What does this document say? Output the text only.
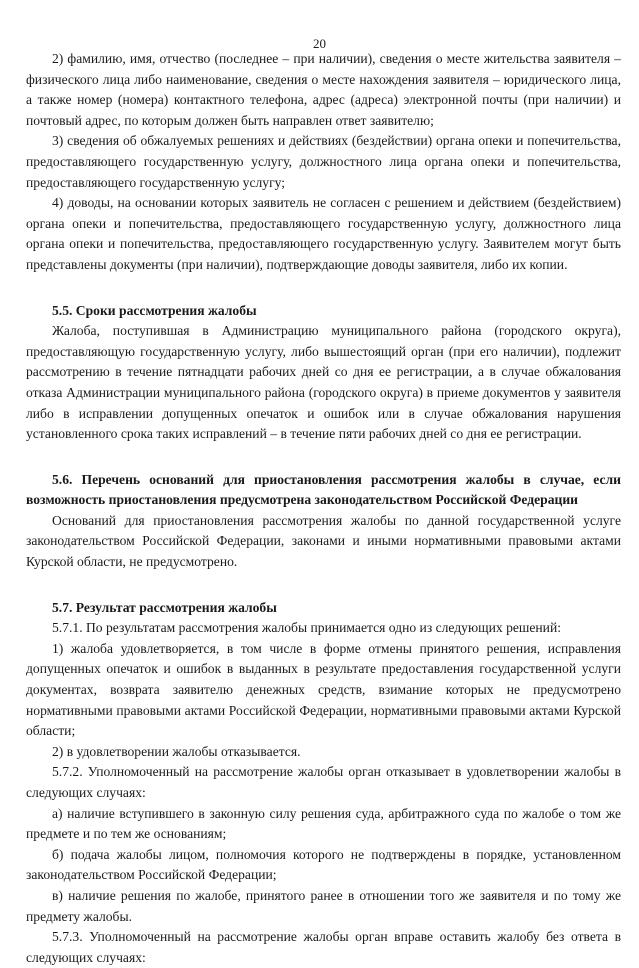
20

2) фамилию, имя, отчество (последнее – при наличии), сведения о месте жительства заявителя – физического лица либо наименование, сведения о месте нахождения заявителя – юридического лица, а также номер (номера) контактного телефона, адрес (адреса) электронной почты (при наличии) и почтовый адрес, по которым должен быть направлен ответ заявителю;

3) сведения об обжалуемых решениях и действиях (бездействии) органа опеки и попечительства, предоставляющего государственную услугу, должностного лица органа опеки и попечительства, предоставляющего государственную услугу;

4) доводы, на основании которых заявитель не согласен с решением и действием (бездействием) органа опеки и попечительства, предоставляющего государственную услугу, должностного лица органа опеки и попечительства, предоставляющего государственную услугу. Заявителем могут быть представлены документы (при наличии), подтверждающие доводы заявителя, либо их копии.

5.5. Сроки рассмотрения жалобы

Жалоба, поступившая в Администрацию муниципального района (городского округа), предоставляющую государственную услугу, либо вышестоящий орган (при его наличии), подлежит рассмотрению в течение пятнадцати рабочих дней со дня ее регистрации, а в случае обжалования отказа Администрации муниципального района (городского округа) в приеме документов у заявителя либо в исправлении допущенных опечаток и ошибок или в случае обжалования нарушения установленного срока таких исправлений – в течение пяти рабочих дней со дня ее регистрации.

5.6. Перечень оснований для приостановления рассмотрения жалобы в случае, если возможность приостановления предусмотрена законодательством Российской Федерации

Оснований для приостановления рассмотрения жалобы по данной государственной услуге законодательством Российской Федерации, законами и иными нормативными правовыми актами Курской области, не предусмотрено.

5.7. Результат рассмотрения жалобы

5.7.1. По результатам рассмотрения жалобы принимается одно из следующих решений:

1) жалоба удовлетворяется, в том числе в форме отмены принятого решения, исправления допущенных опечаток и ошибок в выданных в результате предоставления государственной услуги документах, возврата заявителю денежных средств, взимание которых не предусмотрено нормативными правовыми актами Российской Федерации, нормативными правовыми актами Курской области;

2) в удовлетворении жалобы отказывается.

5.7.2. Уполномоченный на рассмотрение жалобы орган отказывает в удовлетворении жалобы в следующих случаях:

а) наличие вступившего в законную силу решения суда, арбитражного суда по жалобе о том же предмете и по тем же основаниям;

б) подача жалобы лицом, полномочия которого не подтверждены в порядке, установленном законодательством Российской Федерации;

в) наличие решения по жалобе, принятого ранее в отношении того же заявителя и по тому же предмету жалобы.

5.7.3. Уполномоченный на рассмотрение жалобы орган вправе оставить жалобу без ответа в следующих случаях:
